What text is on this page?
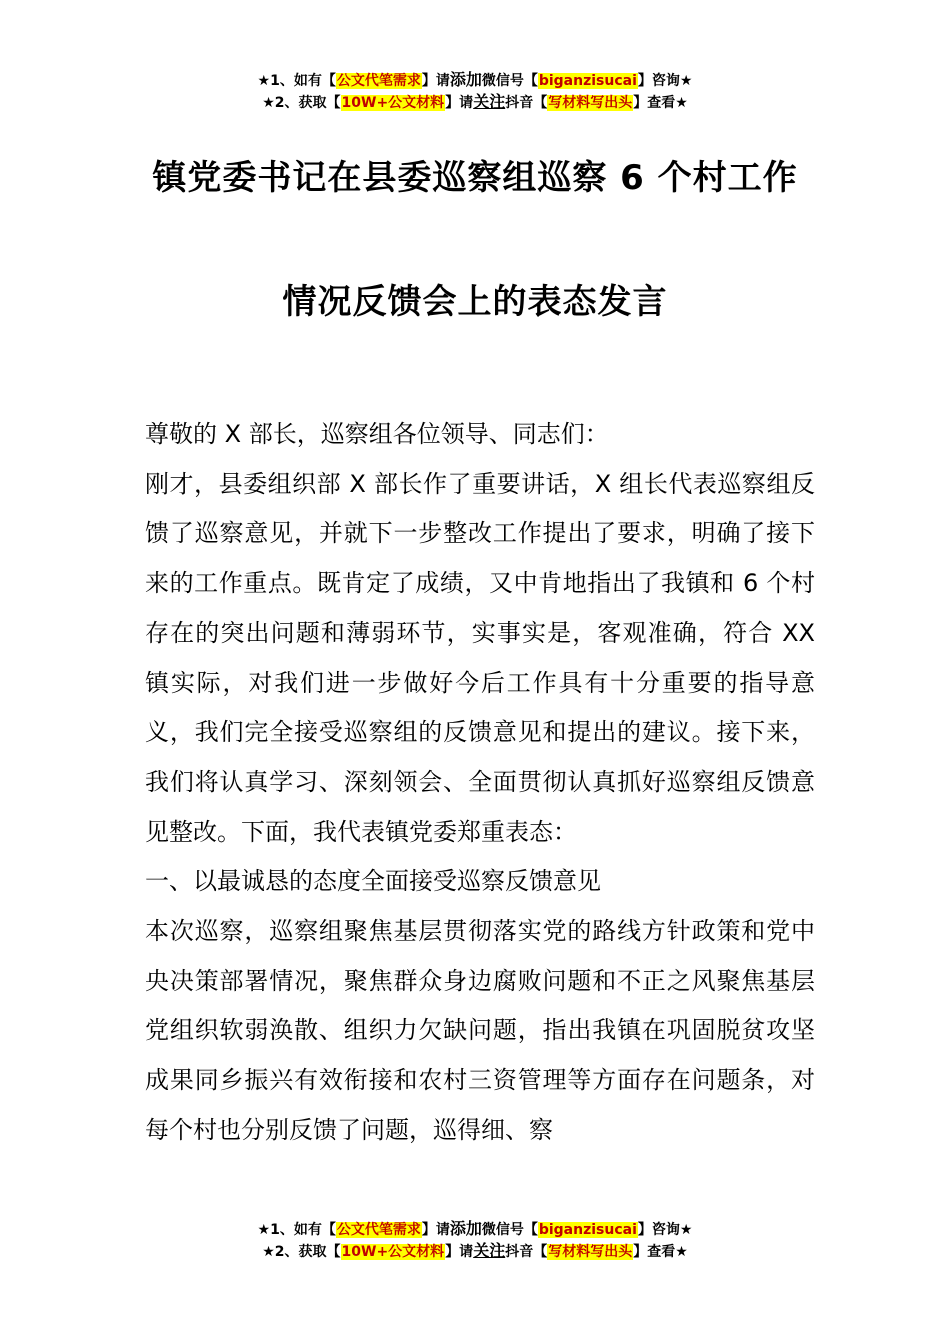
★1、如有【公文代笔需求】请添加微信号【biganzisucai】咨询★
★2、获取【10W+公文材料】请关注抖音【写材料写出头】查看★
镇党委书记在县委巡察组巡察 6 个村工作
情况反馈会上的表态发言

尊敬的 X 部长，巡察组各位领导、同志们：

刚才，县委组织部 X 部长作了重要讲话，X 组长代表巡察组反馈了巡察意见，并就下一步整改工作提出了要求，明确了接下来的工作重点。既肯定了成绩，又中肯地指出了我镇和 6 个村存在的突出问题和薄弱环节，实事实是，客观准确，符合 XX 镇实际，对我们进一步做好今后工作具有十分重要的指导意义，我们完全接受巡察组的反馈意见和提出的建议。接下来，我们将认真学习、深刻领会、全面贯彻认真抓好巡察组反馈意见整改。下面，我代表镇党委郑重表态：

一、以最诚恳的态度全面接受巡察反馈意见

本次巡察，巡察组聚焦基层贯彻落实党的路线方针政策和党中央决策部署情况，聚焦群众身边腐败问题和不正之风聚焦基层党组织软弱涣散、组织力欠缺问题，指出我镇在巩固脱贫攻坚成果同乡振兴有效衔接和农村三资管理等方面存在问题条，对每个村也分别反馈了问题，巡得细、察

★1、如有【公文代笔需求】请添加微信号【biganzisucai】咨询★
★2、获取【10W+公文材料】请关注抖音【写材料写出头】查看★
